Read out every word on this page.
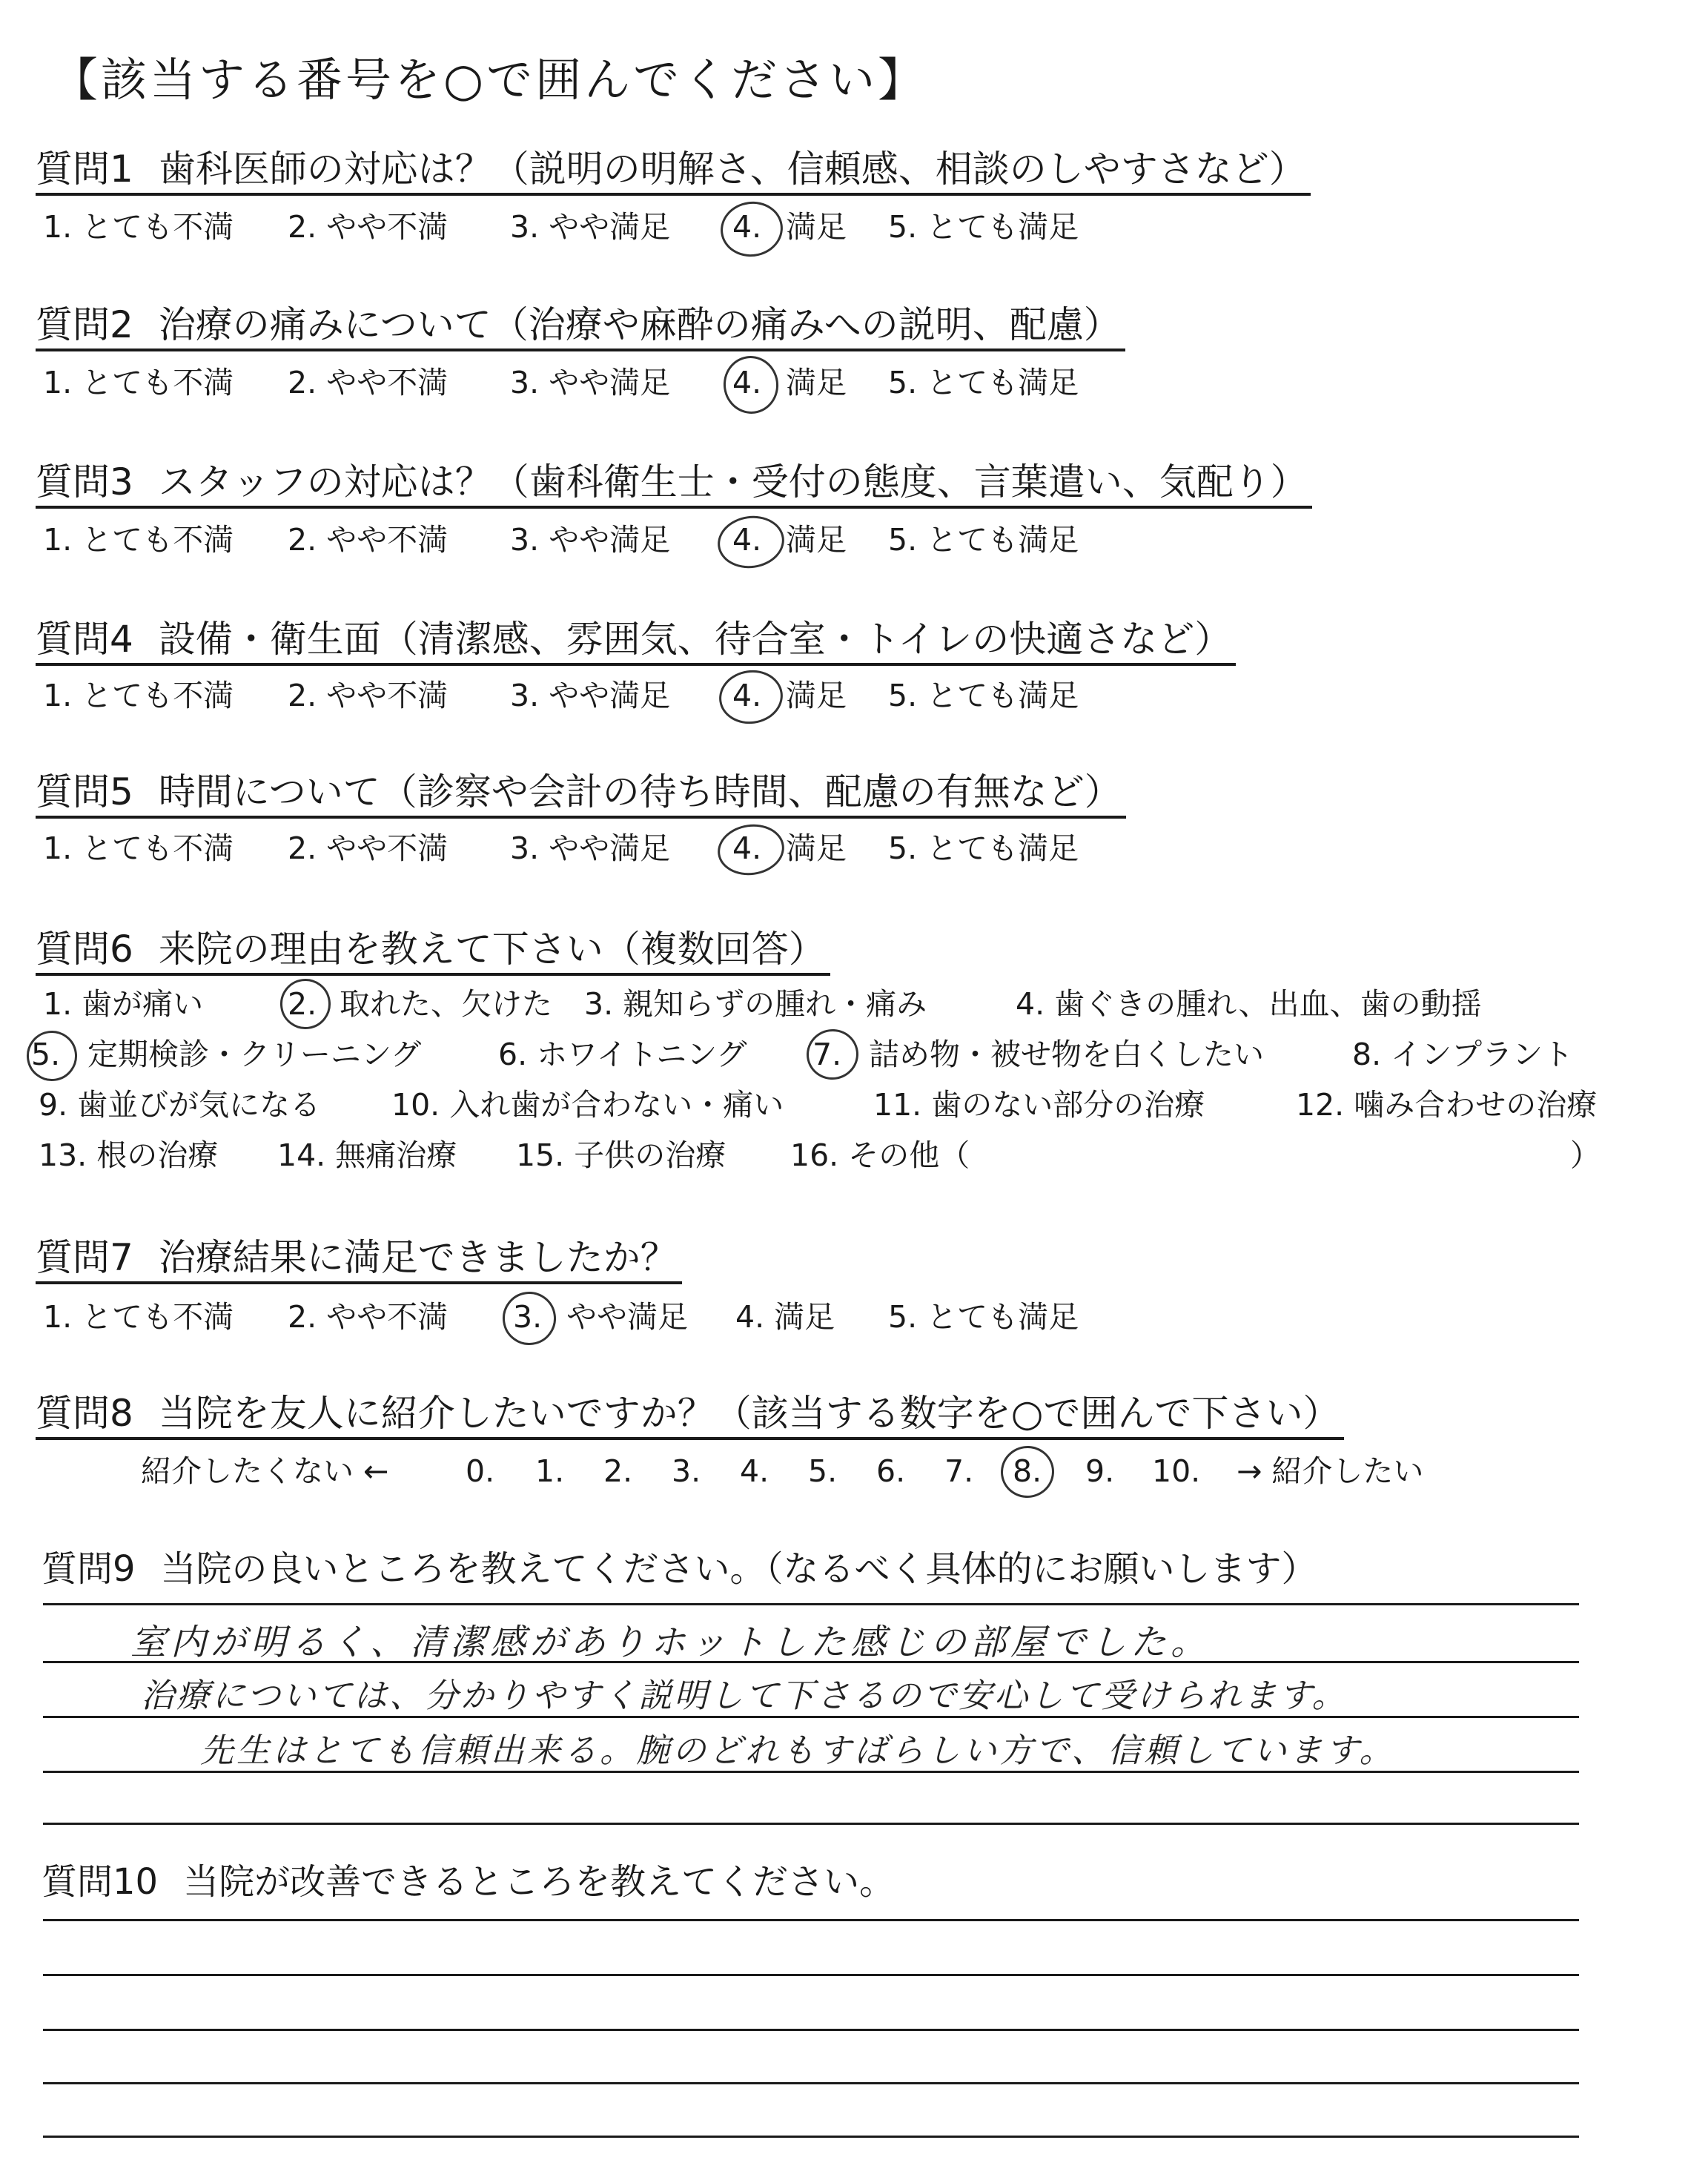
【該当する番号を○で囲んでください】
質問1 歯科医師の対応は？（説明の明解さ、信頼感、相談のしやすさなど）
1. とても不満 2. やや不満 3. やや満足 4. 満足 5. とても満足
質問2 治療の痛みについて（治療や麻酔の痛みへの説明、配慮）
1. とても不満 2. やや不満 3. やや満足 4. 満足 5. とても満足
質問3 スタッフの対応は？（歯科衛生士・受付の態度、言葉遣い、気配り）
1. とても不満 2. やや不満 3. やや満足 4. 満足 5. とても満足
質問4 設備・衛生面（清潔感、雰囲気、待合室・トイレの快適さなど）
1. とても不満 2. やや不満 3. やや満足 4. 満足 5. とても満足
質問5 時間について（診察や会計の待ち時間、配慮の有無など）
1. とても不満 2. やや不満 3. やや満足 4. 満足 5. とても満足
質問6 来院の理由を教えて下さい（複数回答）
1. 歯が痛い	2. 取れた、欠けた 3. 親知らずの腫れ・痛み	4. 歯ぐきの腫れ、出血、歯の動揺
5. 定期検診・クリーニング	6. ホワイトニング 7. 詰め物・被せ物を白くしたい	8. インプラント
9. 歯並びが気になる 10. 入れ歯が合わない・痛い	11. 歯のない部分の治療	12. 噛み合わせの治療
13. 根の治療 14. 無痛治療 15. 子供の治療 16. その他（	）
質問7 治療結果に満足できましたか？
1. とても不満 2. やや不満 3. やや満足 4. 満足 5. とても満足
質問8 当院を友人に紹介したいですか？（該当する数字を○で囲んで下さい）
紹介したくない ←	0. 1. 2. 3. 4. 5. 6. 7. 8. 9. 10. → 紹介したい
質問9 当院の良いところを教えてください。（なるべく具体的にお願いします）
室内が明るく、清潔感がありホットした感じの部屋でした。
治療については、分かりやすく説明して下さるので安心して受けられます。
先生はとても信頼出来る。腕のどれもすばらしい方で、信頼しています。
質問10 当院が改善できるところを教えてください。
